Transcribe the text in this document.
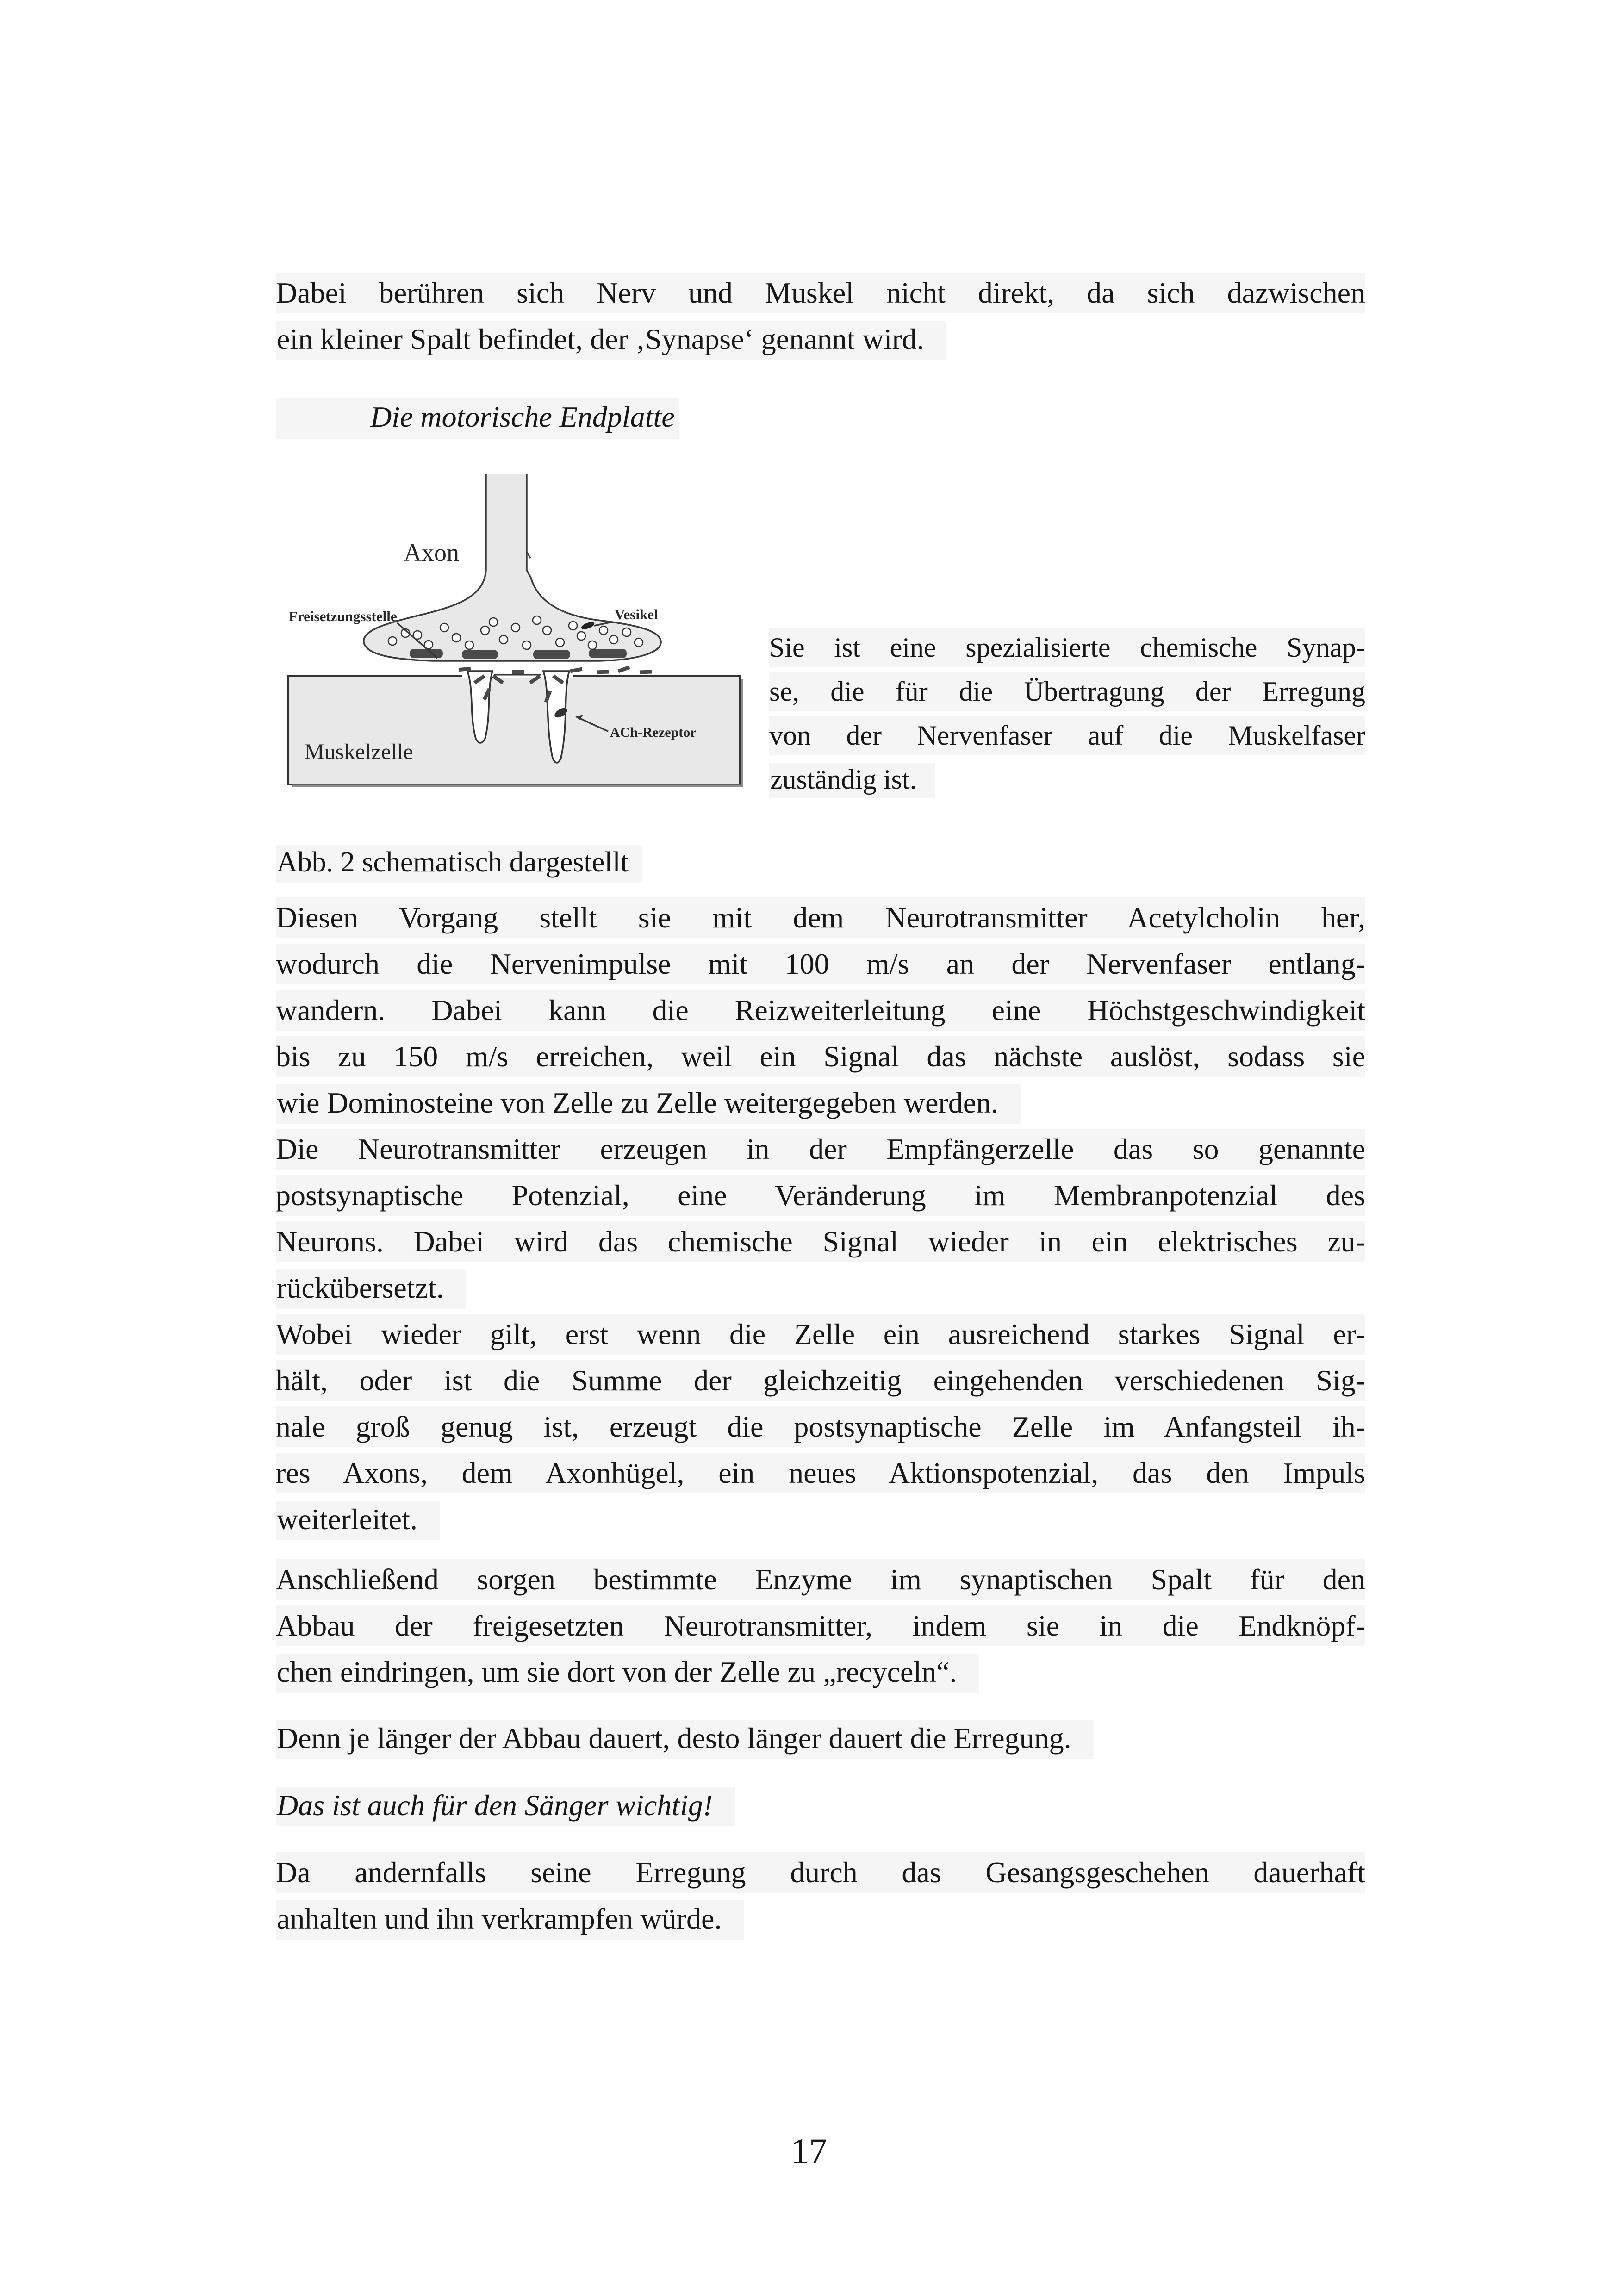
Dabei berühren sich Nerv und Muskel nicht direkt, da sich dazwischen
ein kleiner Spalt befindet, der ‚Synapse‘ genannt wird.
Die motorische Endplatte
Axon
Freisetzungsstelle	Vesikel
Muskelzelle
ACh-Rezeptor
Sie ist eine spezialisierte chemische Synap-
se, die für die Übertragung der Erregung
von der Nervenfaser auf die Muskelfaser
zuständig ist.
Abb. 2 schematisch dargestellt
Diesen Vorgang stellt sie mit dem Neurotransmitter Acetylcholin her,
wodurch die Nervenimpulse mit 100 m/s an der Nervenfaser entlang-
wandern. Dabei kann die Reizweiterleitung eine Höchstgeschwindigkeit
bis zu 150 m/s erreichen, weil ein Signal das nächste auslöst, sodass sie
wie Dominosteine von Zelle zu Zelle weitergegeben werden.
Die Neurotransmitter erzeugen in der Empfängerzelle das so genannte
postsynaptische Potenzial, eine Veränderung im Membranpotenzial des
Neurons. Dabei wird das chemische Signal wieder in ein elektrisches zu-
rückübersetzt.
Wobei wieder gilt, erst wenn die Zelle ein ausreichend starkes Signal er-
hält, oder ist die Summe der gleichzeitig eingehenden verschiedenen Sig-
nale groß genug ist, erzeugt die postsynaptische Zelle im Anfangsteil ih-
res Axons, dem Axonhügel, ein neues Aktionspotenzial, das den Impuls
weiterleitet.
Anschließend sorgen bestimmte Enzyme im synaptischen Spalt für den
Abbau der freigesetzten Neurotransmitter, indem sie in die Endknöpf-
chen eindringen, um sie dort von der Zelle zu „recyceln“.
Denn je länger der Abbau dauert, desto länger dauert die Erregung.
Das ist auch für den Sänger wichtig!
Da andernfalls seine Erregung durch das Gesangsgeschehen dauerhaft
anhalten und ihn verkrampfen würde.
17
